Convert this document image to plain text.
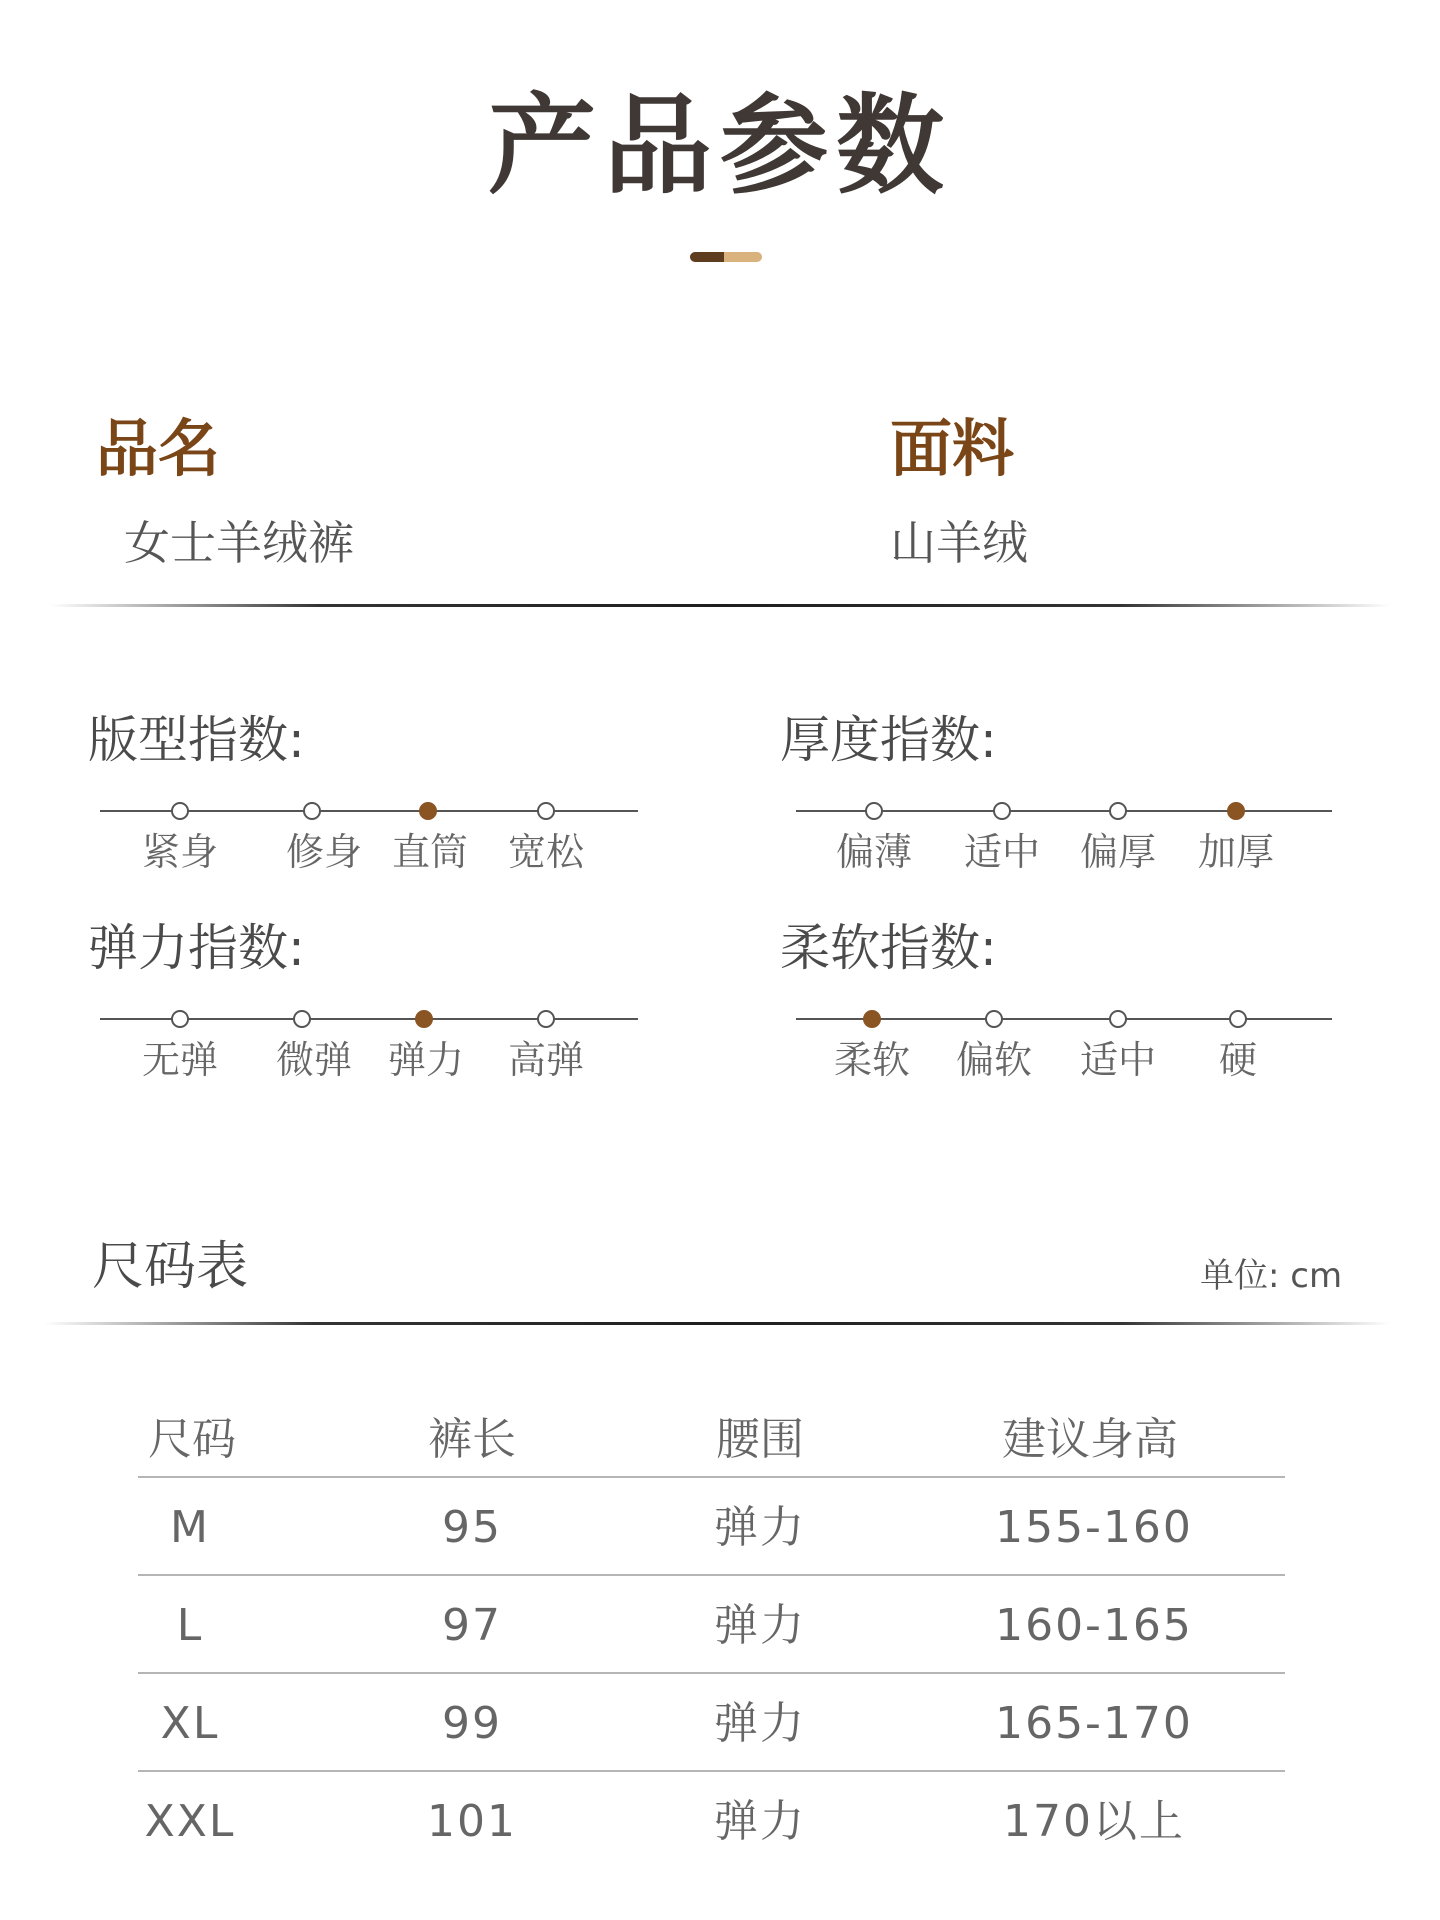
产品参数
品名
女士羊绒裤
面料
山羊绒
版型指数:
紧身	修身 直筒	宽松
厚度指数:
偏薄	适中	偏厚	加厚
弹力指数:
无弹	微弹 弹力	高弹
柔软指数:
柔软	偏软	适中	硬
尺码表	单位: cm
尺码	裤长	腰围	建议身高
M	95	弹力	155-160
L	97	弹力	160-165
XL	99	弹力	165-170
XXL	101	弹力	170以上
